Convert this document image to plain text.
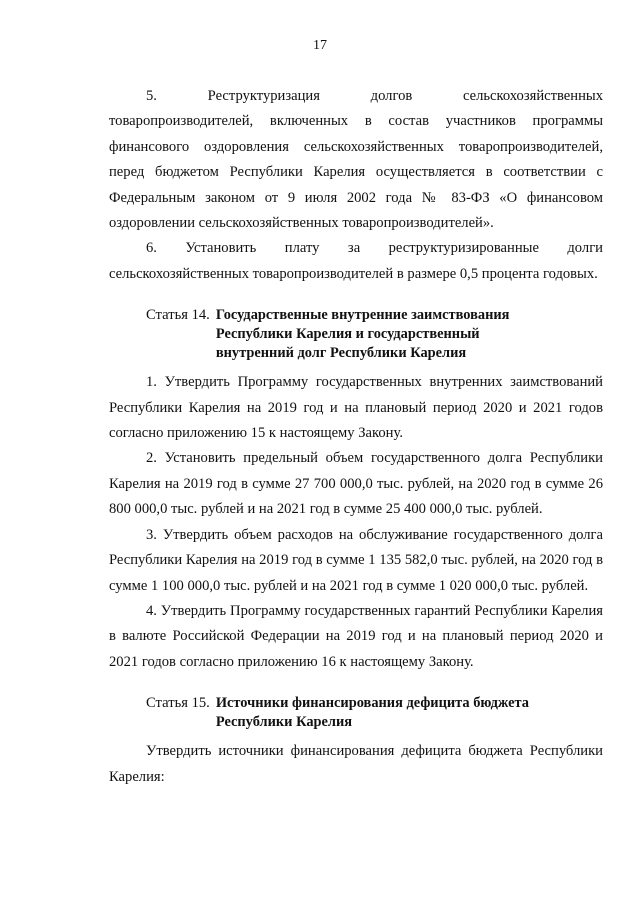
17

5. Реструктуризация долгов сельскохозяйственных товаропроизводителей, включенных в состав участников программы финансового оздоровления сельскохозяйственных товаропроизводителей, перед бюджетом Республики Карелия осуществляется в соответствии с Федеральным законом от 9 июля 2002 года № 83-ФЗ «О финансовом оздоровлении сельскохозяйственных товаропроизводителей».

6. Установить плату за реструктуризированные долги сельскохозяйственных товаропроизводителей в размере 0,5 процента годовых.

Статья 14. Государственные внутренние заимствования Республики Карелия и государственный внутренний долг Республики Карелия

1. Утвердить Программу государственных внутренних заимствований Республики Карелия на 2019 год и на плановый период 2020 и 2021 годов согласно приложению 15 к настоящему Закону.

2. Установить предельный объем государственного долга Республики Карелия на 2019 год в сумме 27 700 000,0 тыс. рублей, на 2020 год в сумме 26 800 000,0 тыс. рублей и на 2021 год в сумме 25 400 000,0 тыс. рублей.

3. Утвердить объем расходов на обслуживание государственного долга Республики Карелия на 2019 год в сумме 1 135 582,0 тыс. рублей, на 2020 год в сумме 1 100 000,0 тыс. рублей и на 2021 год в сумме 1 020 000,0 тыс. рублей.

4. Утвердить Программу государственных гарантий Республики Карелия в валюте Российской Федерации на 2019 год и на плановый период 2020 и 2021 годов согласно приложению 16 к настоящему Закону.

Статья 15. Источники финансирования дефицита бюджета Республики Карелия

Утвердить источники финансирования дефицита бюджета Республики Карелия:
